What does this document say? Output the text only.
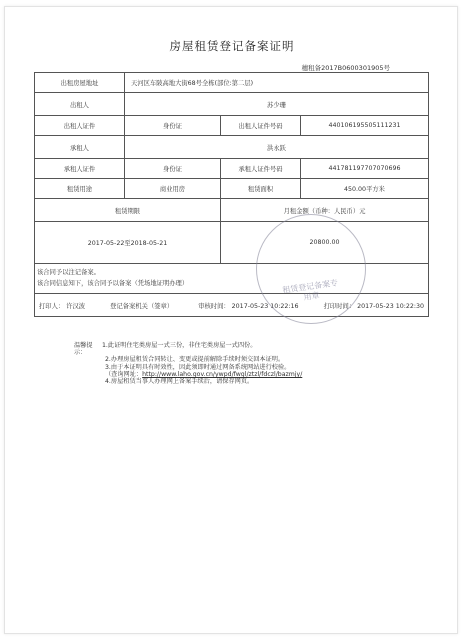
房屋租赁登记备案证明
穗租备2017B0600301905号
出租房屋地址	天河区车陂高地大街68号全栋(部位:第二层)		
出租人	苏少珊		
出租人证件	身份证	出租人证件号码	440106195505111231
承租人	洪永跃		
承租人证件	身份证	承租人证件号码	441781197707070696
租赁用途	商业用房	租赁面积	450.00平方米
租赁期限		月租金额（币种：人民币）元	
2017-05-22至2018-05-21		20800.00	

该合同予以注记备案。
该合同信息知下，该合同予以备案（凭场地证明办理）			

打印人： 许汉波 登记备案机关（签章） 审核时间： 2017-05-23 10:22:16 打印时间： 2017-05-23 10:22:30			
租赁登记备案专用章
温馨提示：
1.此证明住宅类房屋一式三份，非住宅类房屋一式四份。
2.办理房屋租赁合同转让、变更或提前解除手续时须交回本证明。
3.由于本证明具有时效性，因此须即时通过网备系统网站进行校验。
（查询网址：http://www.laho.gov.cn/ywpd/fwgl/ztzl/fdczl/bazmjy/
4.房屋租赁当事人办理网上备案手续后，请保存网页。
